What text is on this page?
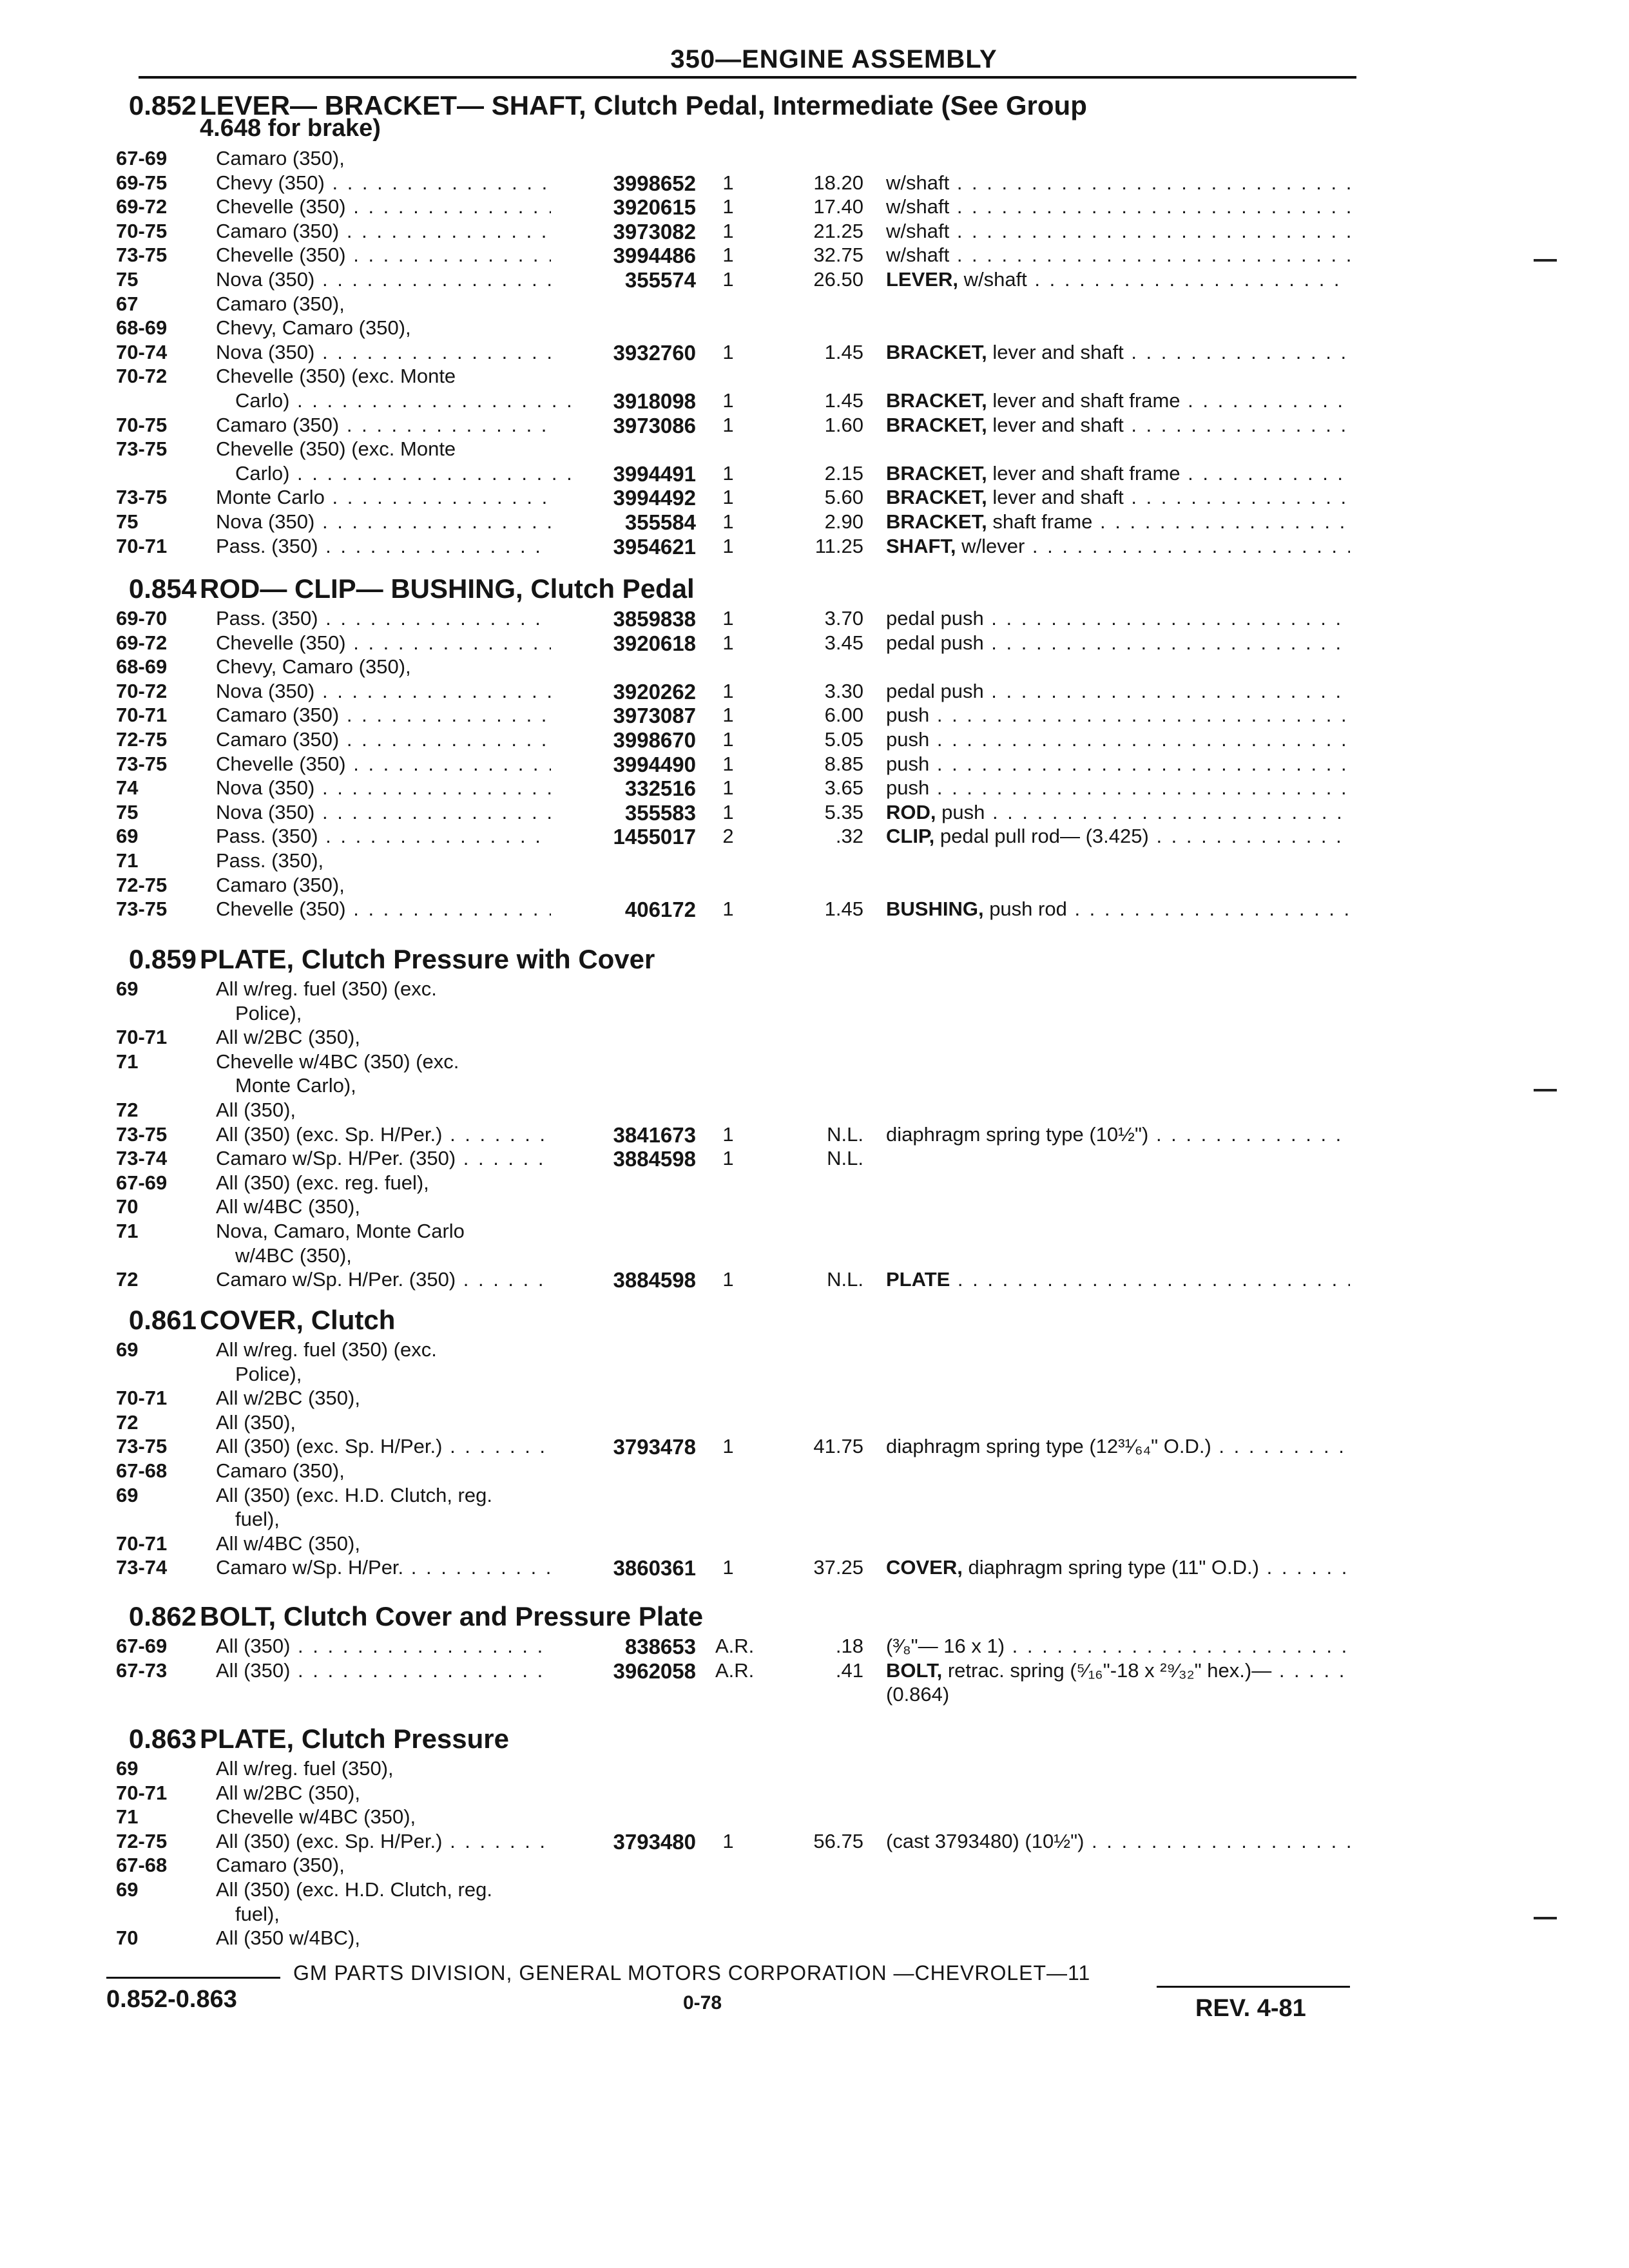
350—ENGINE ASSEMBLY
0.852 LEVER— BRACKET— SHAFT, Clutch Pedal, Intermediate (See Group
4.648 for brake)
67-69 Camaro (350),
69-75 Chevy (350) . . .	3998652	1	18.20 w/shaft . . .
69-72 Chevelle (350) . . .	3920615	1	17.40 w/shaft . . .
70-75 Camaro (350) . . .	3973082	1	21.25 w/shaft . . .
73-75 Chevelle (350) . . .	3994486	1	32.75 w/shaft . . .
75	Nova (350) . . .	355574	1	26.50 LEVER, w/shaft . . .
67	Camaro (350),
68-69 Chevy, Camaro (350),
70-74 Nova (350) . . .	3932760	1	1.45 BRACKET, lever and shaft . . .
70-72 Chevelle (350) (exc. Monte
Carlo) . . .	3918098	1	1.45 BRACKET, lever and shaft frame . . .
70-75 Camaro (350) . . .	3973086	1	1.60 BRACKET, lever and shaft . . .
73-75 Chevelle (350) (exc. Monte
Carlo) . . .	3994491	1	2.15 BRACKET, lever and shaft frame . . .
73-75 Monte Carlo . . .	3994492	1	5.60 BRACKET, lever and shaft . . .
75	Nova (350) . . .	355584	1	2.90 BRACKET, shaft frame . . .
70-71 Pass. (350) . . .	3954621	1	11.25 SHAFT, w/lever . . .
0.854 ROD— CLIP— BUSHING, Clutch Pedal
69-70 Pass. (350) . . .	3859838	1	3.70 pedal push . . .
69-72 Chevelle (350) . . .	3920618	1	3.45 pedal push . . .
68-69 Chevy, Camaro (350),
70-72 Nova (350) . . .	3920262	1	3.30 pedal push . . .
70-71 Camaro (350) . . .	3973087	1	6.00 push . . .
72-75 Camaro (350) . . .	3998670	1	5.05 push . . .
73-75 Chevelle (350) . . .	3994490	1	8.85 push . . .
74	Nova (350) . . .	332516	1	3.65 push . . .
75	Nova (350) . . .	355583	1	5.35 ROD, push . . .
69	Pass. (350) . . .	1455017	2	.32 CLIP, pedal pull rod— (3.425) . . .
71	Pass. (350),
72-75 Camaro (350),
73-75 Chevelle (350) . . .	406172	1	1.45 BUSHING, push rod . . .
0.859 PLATE, Clutch Pressure with Cover
69	All w/reg. fuel (350) (exc.
Police),
70-71 All w/2BC (350),
71	Chevelle w/4BC (350) (exc.
Monte Carlo),
72	All (350),
73-75 All (350) (exc. Sp. H/Per.) . . .	3841673	1	N.L. diaphragm spring type (10½") . . .
73-74 Camaro w/Sp. H/Per. (350) . . .	3884598	1	N.L.
67-69 All (350) (exc. reg. fuel),
70	All w/4BC (350),
71	Nova, Camaro, Monte Carlo
w/4BC (350),
72	Camaro w/Sp. H/Per. (350) . . .	3884598	1	N.L. PLATE . . .
0.861 COVER, Clutch
69	All w/reg. fuel (350) (exc.
Police),
70-71 All w/2BC (350),
72	All (350),
73-75 All (350) (exc. Sp. H/Per.) . . .	3793478	1	41.75 diaphragm spring type (12³¹⁄₆₄" O.D.) . . .
67-68 Camaro (350),
69	All (350) (exc. H.D. Clutch, reg.
fuel),
70-71 All w/4BC (350),
73-74 Camaro w/Sp. H/Per. . . .	3860361	1	37.25 COVER, diaphragm spring type (11" O.D.) . . .
0.862 BOLT, Clutch Cover and Pressure Plate
67-69 All (350) . . .	838653 A.R.	.18 (³⁄₈"— 16 x 1) . . .
67-73 All (350) . . .	3962058 A.R.	.41 BOLT, retrac. spring (⁵⁄₁₆"-18 x ²⁹⁄₃₂" hex.)— . . .
(0.864)
0.863 PLATE, Clutch Pressure
69	All w/reg. fuel (350),
70-71 All w/2BC (350),
71	Chevelle w/4BC (350),
72-75 All (350) (exc. Sp. H/Per.) . . .	3793480	1	56.75 (cast 3793480) (10½") . . .
67-68 Camaro (350),
69	All (350) (exc. H.D. Clutch, reg.
fuel),
70	All (350 w/4BC),
GM PARTS DIVISION, GENERAL MOTORS CORPORATION —CHEVROLET—11
0-78
0.852-0.863	REV. 4-81
